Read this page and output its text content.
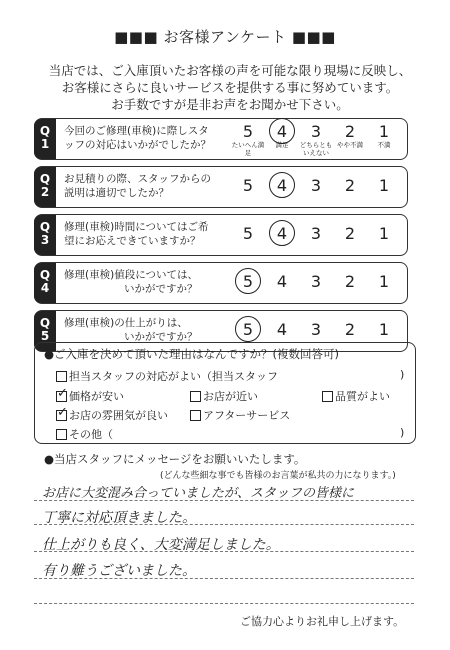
■■■ お客様アンケート ■■■
当店では、ご入庫頂いたお客様の声を可能な限り現場に反映し、
お客様にさらに良いサービスを提供する事に努めています。
お手数ですが是非お声をお聞かせ下さい。
Q
1
今回のご修理(車検)に際しスタ
ッフの対応はいかがでしたか？
5	4	3	2	1
たいへん満足
満足	どちらともいえない
やや不満	不満
Q
2
お見積りの際、スタッフからの
説明は適切でしたか？	5	4	3	2	1
Q
3
修理(車検)時間についてはご希
望にお応えできていますか？	5	4	3	2	1
Q
4
修理(車検)値段については、
いかがですか？	5	4	3	2	1
Q
5
修理(車検)の仕上がりは、
いかがですか？	5	4	3	2	1
●ご入庫を決めて頂いた理由はなんですか？(複数回答可)
担当スタッフの対応がよい（担当スタッフ	)
✓ 価格が安い	お店が近い	品質がよい
✓ お店の雰囲気が良い	アフターサービス
その他（	)
●当店スタッフにメッセージをお願いいたします。
(どんな些細な事でも皆様のお言葉が私共の力になります。)
お店に大変混み合っていましたが、スタッフの皆様に
丁寧に対応頂きました。
仕上がりも良く、大変満足しました。
有り難うございました。
ご協力心よりお礼申し上げます。
